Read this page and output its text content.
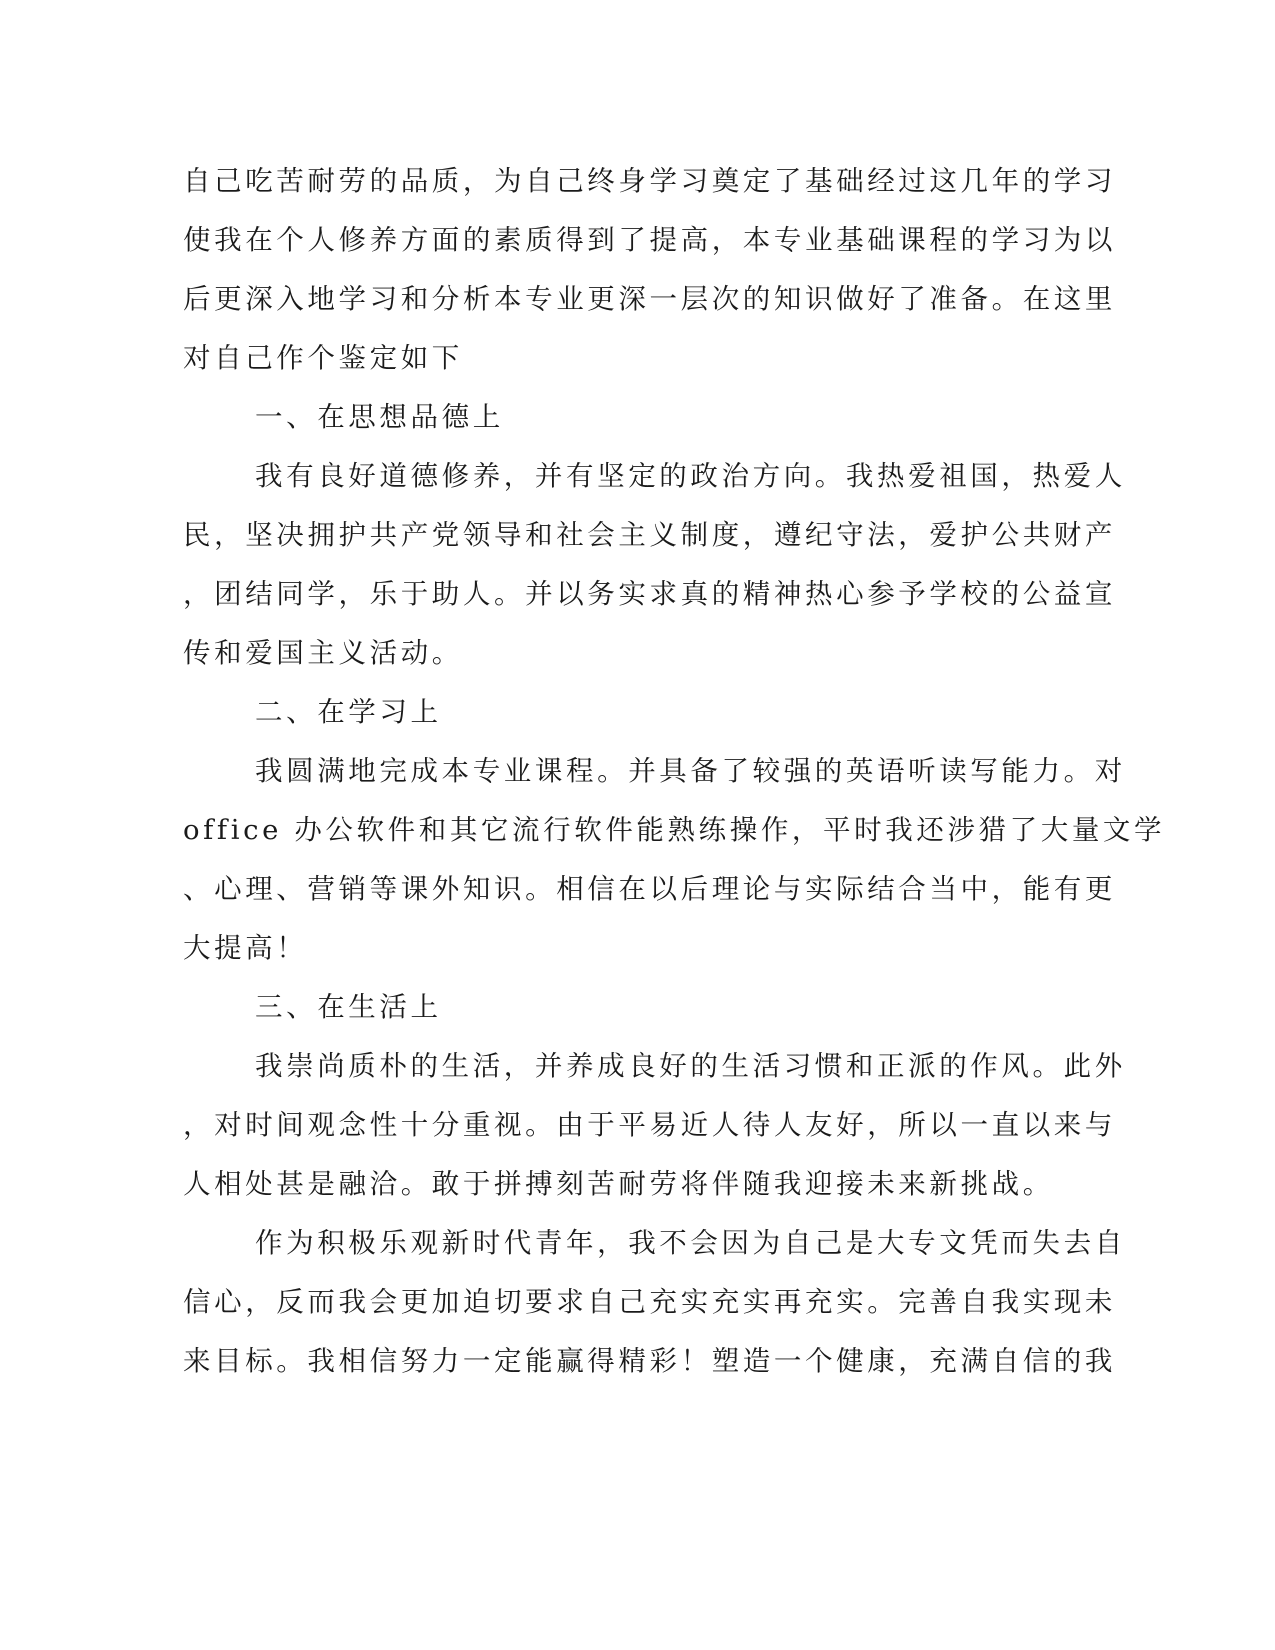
自己吃苦耐劳的品质，为自己终身学习奠定了基础经过这几年的学习

使我在个人修养方面的素质得到了提高，本专业基础课程的学习为以

后更深入地学习和分析本专业更深一层次的知识做好了准备。在这里

对自己作个鉴定如下

一、在思想品德上

我有良好道德修养，并有坚定的政治方向。我热爱祖国，热爱人

民，坚决拥护共产党领导和社会主义制度，遵纪守法，爱护公共财产

，团结同学，乐于助人。并以务实求真的精神热心参予学校的公益宣

传和爱国主义活动。

二、在学习上

我圆满地完成本专业课程。并具备了较强的英语听读写能力。对

office 办公软件和其它流行软件能熟练操作，平时我还涉猎了大量文学

、心理、营销等课外知识。相信在以后理论与实际结合当中，能有更

大提高！

三、在生活上

我崇尚质朴的生活，并养成良好的生活习惯和正派的作风。此外

，对时间观念性十分重视。由于平易近人待人友好，所以一直以来与

人相处甚是融洽。敢于拼搏刻苦耐劳将伴随我迎接未来新挑战。

作为积极乐观新时代青年，我不会因为自己是大专文凭而失去自

信心，反而我会更加迫切要求自己充实充实再充实。完善自我实现未

来目标。我相信努力一定能赢得精彩！塑造一个健康，充满自信的我
